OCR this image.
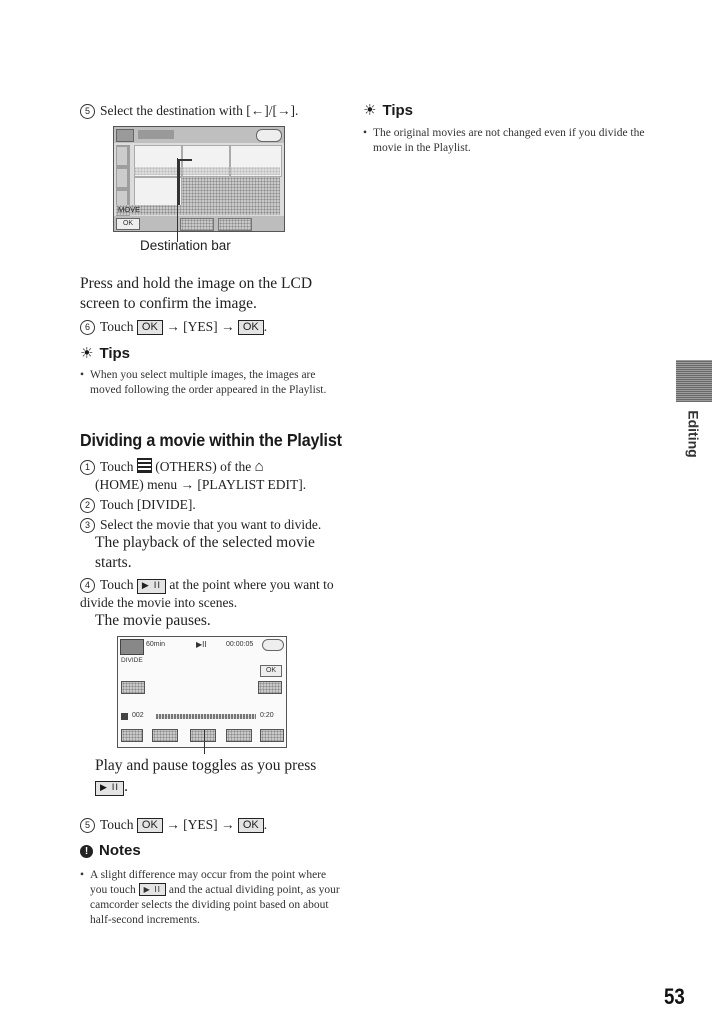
5 Select the destination with [←]/[→].
MOVE
OK
Destination bar
Press and hold the image on the LCD screen to confirm the image.
6 Touch OK → [YES] → OK .
☀ Tips
• When you select multiple images, the images are moved following the order appeared in the Playlist.
Dividing a movie within the Playlist
1 Touch (OTHERS) of the ⌂
(HOME) menu → [PLAYLIST EDIT].
2 Touch [DIVIDE].
3 Select the movie that you want to divide.
The playback of the selected movie starts.
4 Touch ▶ II at the point where you want to divide the movie into scenes.
The movie pauses.
60min	▶II	00:00:05
DIVIDE
OK
002	0:20
Play and pause toggles as you press
▶ II .
5 Touch OK → [YES] → OK .
! Notes
• A slight difference may occur from the point where you touch ▶ II and the actual dividing point, as your camcorder selects the dividing point based on about half-second increments.
☀ Tips
• The original movies are not changed even if you divide the movie in the Playlist.
Editing
53
